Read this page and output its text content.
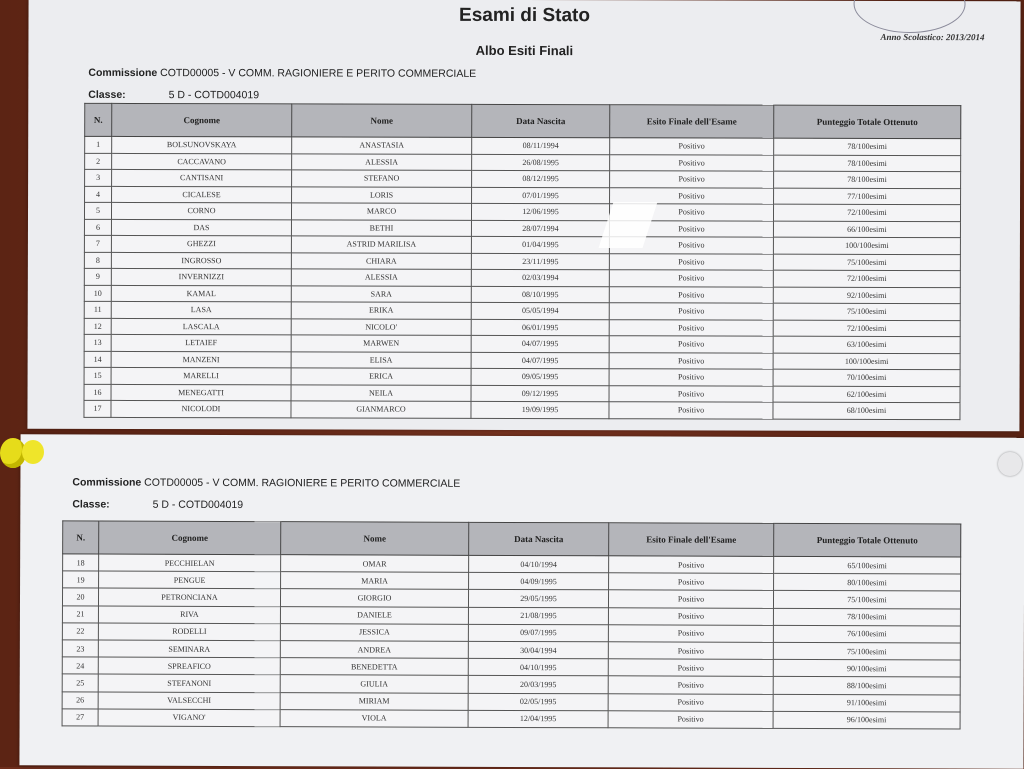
Esami di Stato
Albo Esiti Finali
Anno Scolastico: 2013/2014
Commissione COTD00005 - V COMM. RAGIONIERE E PERITO COMMERCIALE
Classe:	5 D - COTD004019
N.	Cognome	Nome	Data Nascita	Esito Finale dell'Esame	Punteggio Totale Ottenuto
1	BOLSUNOVSKAYA	ANASTASIA	08/11/1994	Positivo	78/100esimi
2	CACCAVANO	ALESSIA	26/08/1995	Positivo	78/100esimi
3	CANTISANI	STEFANO	08/12/1995	Positivo	78/100esimi
4	CICALESE	LORIS	07/01/1995	Positivo	77/100esimi
5	CORNO	MARCO	12/06/1995	Positivo	72/100esimi
6	DAS	BETHI	28/07/1994	Positivo	66/100esimi
7	GHEZZI	ASTRID MARILISA	01/04/1995	Positivo	100/100esimi
8	INGROSSO	CHIARA	23/11/1995	Positivo	75/100esimi
9	INVERNIZZI	ALESSIA	02/03/1994	Positivo	72/100esimi
10	KAMAL	SARA	08/10/1995	Positivo	92/100esimi
11	LASA	ERIKA	05/05/1994	Positivo	75/100esimi
12	LASCALA	NICOLO'	06/01/1995	Positivo	72/100esimi
13	LETAIEF	MARWEN	04/07/1995	Positivo	63/100esimi
14	MANZENI	ELISA	04/07/1995	Positivo	100/100esimi
15	MARELLI	ERICA	09/05/1995	Positivo	70/100esimi
16	MENEGATTI	NEILA	09/12/1995	Positivo	62/100esimi
17	NICOLODI	GIANMARCO	19/09/1995	Positivo	68/100esimi
Commissione COTD00005 - V COMM. RAGIONIERE E PERITO COMMERCIALE
Classe:	5 D - COTD004019
N.	Cognome	Nome	Data Nascita	Esito Finale dell'Esame	Punteggio Totale Ottenuto
18	PECCHIELAN	OMAR	04/10/1994	Positivo	65/100esimi
19	PENGUE	MARIA	04/09/1995	Positivo	80/100esimi
20	PETRONCIANA	GIORGIO	29/05/1995	Positivo	75/100esimi
21	RIVA	DANIELE	21/08/1995	Positivo	78/100esimi
22	RODELLI	JESSICA	09/07/1995	Positivo	76/100esimi
23	SEMINARA	ANDREA	30/04/1994	Positivo	75/100esimi
24	SPREAFICO	BENEDETTA	04/10/1995	Positivo	90/100esimi
25	STEFANONI	GIULIA	20/03/1995	Positivo	88/100esimi
26	VALSECCHI	MIRIAM	02/05/1995	Positivo	91/100esimi
27	VIGANO'	VIOLA	12/04/1995	Positivo	96/100esimi
